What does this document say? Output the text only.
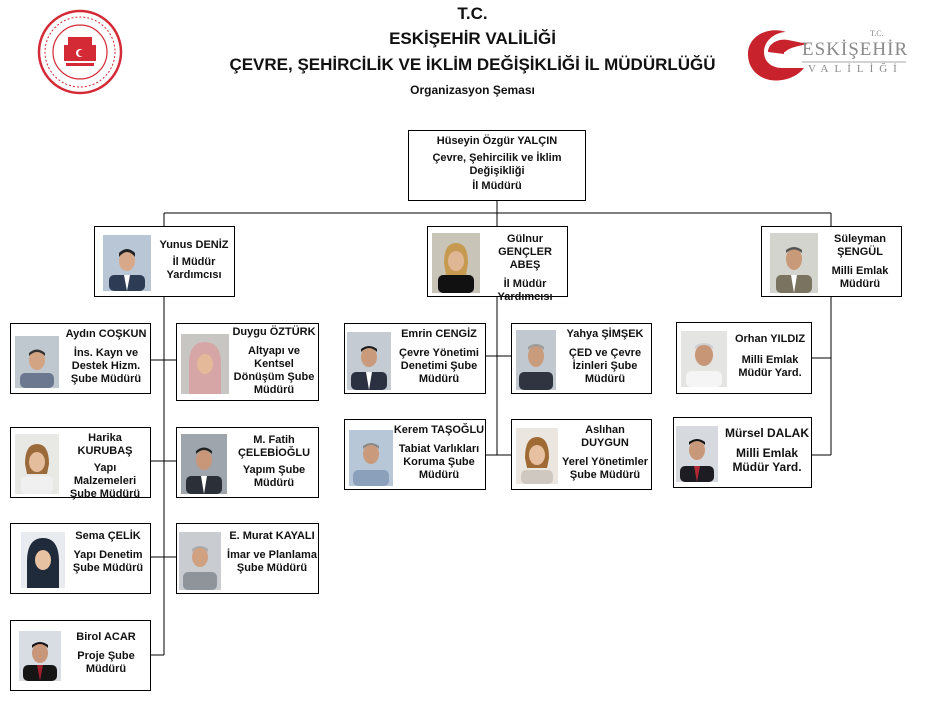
T.C.
ESKİŞEHİR VALİLİĞİ
ÇEVRE, ŞEHİRCİLİK VE İKLİM DEĞİŞİKLİĞİ İL MÜDÜRLÜĞÜ
Organizasyon Şeması
T.C.
ESKİŞEHİR
VALİLİĞİ
Hüseyin Özgür YALÇIN
Çevre, Şehircilik ve İklim Değişikliği
İl Müdürü
Yunus DENİZ
İl Müdür Yardımcısı
Gülnur GENÇLER ABEŞ
İl Müdür Yardımcısı
Süleyman ŞENGÜL
Milli Emlak Müdürü
Aydın COŞKUN
İns. Kayn ve Destek Hizm. Şube Müdürü
Duygu ÖZTÜRK
Altyapı ve Kentsel Dönüşüm Şube Müdürü
Harika KURUBAŞ
Yapı Malzemeleri Şube Müdürü
M. Fatih ÇELEBİOĞLU
Yapım Şube Müdürü
Sema ÇELİK
Yapı Denetim Şube Müdürü
E. Murat KAYALI
İmar ve Planlama Şube Müdürü
Birol ACAR
Proje Şube Müdürü
Emrin CENGİZ
Çevre Yönetimi Denetimi Şube Müdürü
Yahya ŞİMŞEK
ÇED ve Çevre İzinleri Şube Müdürü
Kerem TAŞOĞLU
Tabiat Varlıkları Koruma Şube Müdürü
Aslıhan DUYGUN
Yerel Yönetimler Şube Müdürü
Orhan YILDIZ
Milli Emlak Müdür Yard.
Mürsel DALAK
Milli Emlak Müdür Yard.
